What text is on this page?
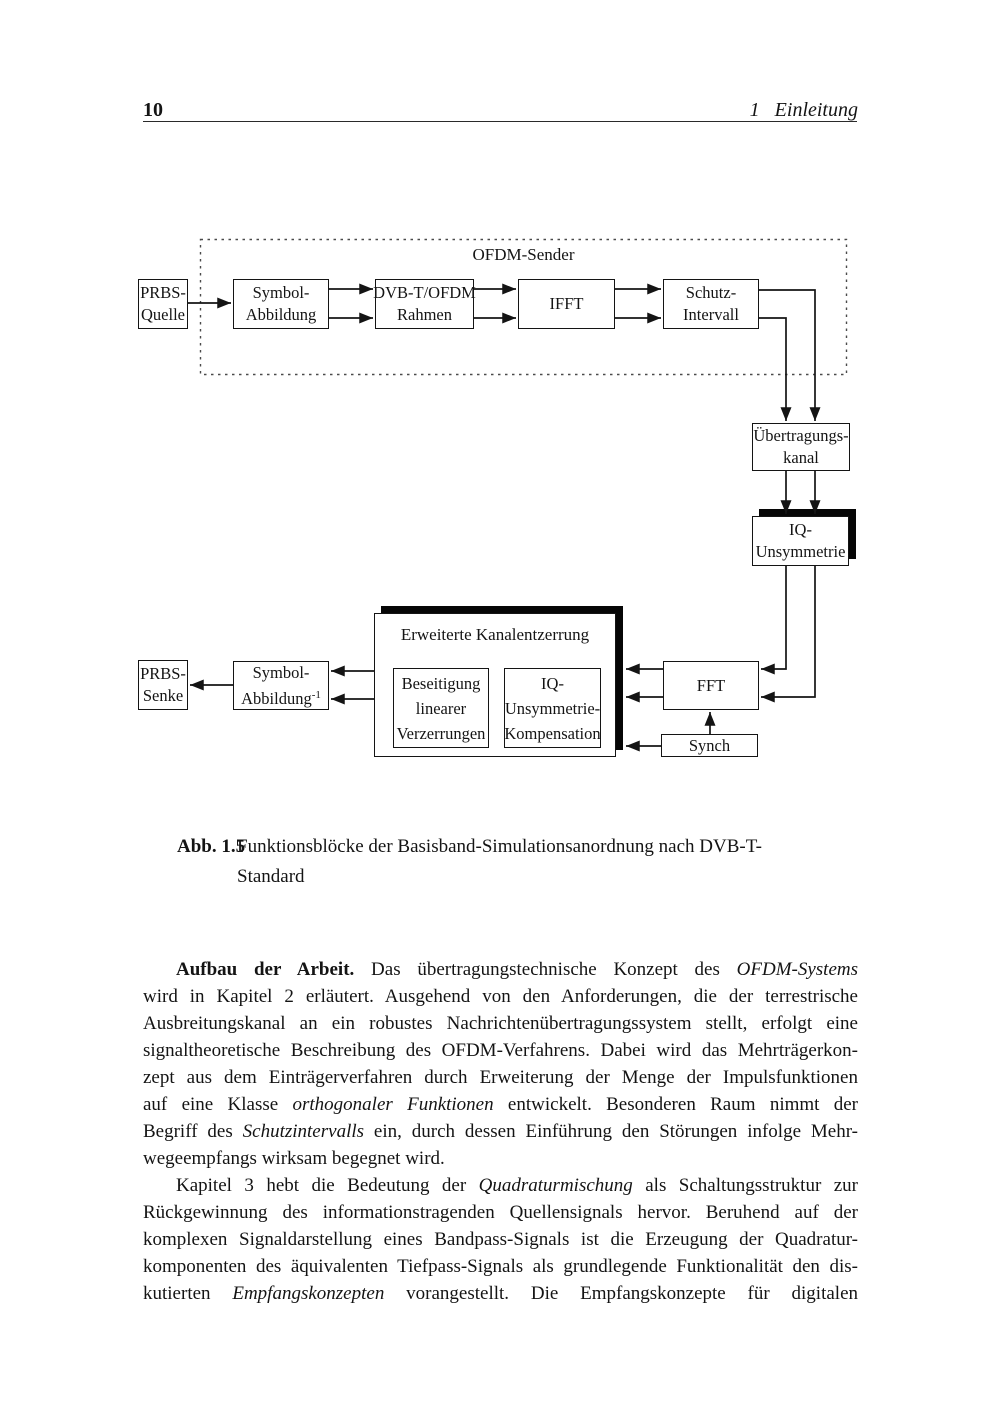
10	1 Einleitung
OFDM-Sender
PRBS-
Quelle
Symbol-
Abbildung
DVB-T/OFDM
Rahmen
IFFT
Schutz-
Intervall
Übertragungs-
kanal
IQ-
Unsymmetrie
Erweiterte Kanalentzerrung
Beseitigung
linearer
Verzerrungen
IQ-
Unsymmetrie-
Kompensation
FFT
Synch
Symbol-
Abbildung$^{-1}$
PRBS-
Senke
Abb. 1.5
Funktionsblöcke der Basisband-Simulationsanordnung nach DVB-T-
Standard
Aufbau der Arbeit. Das übertragungstechnische Konzept des OFDM-Systems
wird in Kapitel 2 erläutert. Ausgehend von den Anforderungen, die der terrestrische
Ausbreitungskanal an ein robustes Nachrichtenübertragungssystem stellt, erfolgt eine
signaltheoretische Beschreibung des OFDM-Verfahrens. Dabei wird das Mehrträgerkon-
zept aus dem Einträgerverfahren durch Erweiterung der Menge der Impulsfunktionen
auf eine Klasse orthogonaler Funktionen entwickelt. Besonderen Raum nimmt der
Begriff des Schutzintervalls ein, durch dessen Einführung den Störungen infolge Mehr-
wegeempfangs wirksam begegnet wird.
Kapitel 3 hebt die Bedeutung der Quadraturmischung als Schaltungsstruktur zur
Rückgewinnung des informationstragenden Quellensignals hervor. Beruhend auf der
komplexen Signaldarstellung eines Bandpass-Signals ist die Erzeugung der Quadratur-
komponenten des äquivalenten Tiefpass-Signals als grundlegende Funktionalität den dis-
kutierten Empfangskonzepten vorangestellt. Die Empfangskonzepte für digitalen
